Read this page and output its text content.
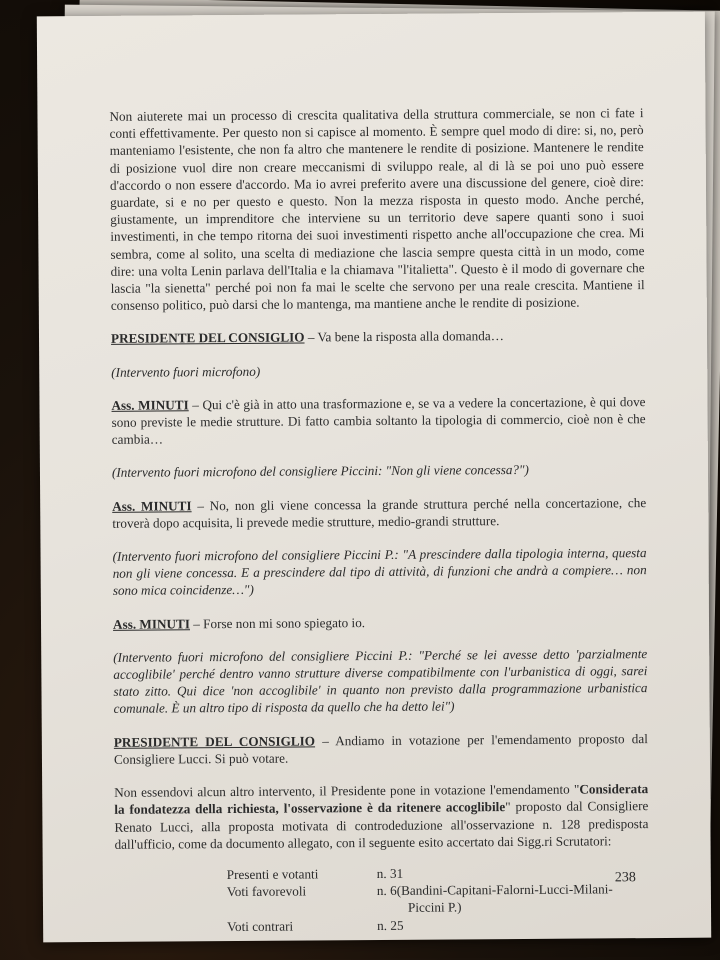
Non aiuterete mai un processo di crescita qualitativa della struttura commerciale, se non ci fate i conti effettivamente. Per questo non si capisce al momento. È sempre quel modo di dire: si, no, però manteniamo l'esistente, che non fa altro che mantenere le rendite di posizione. Mantenere le rendite di posizione vuol dire non creare meccanismi di sviluppo reale, al di là se poi uno può essere d'accordo o non essere d'accordo. Ma io avrei preferito avere una discussione del genere, cioè dire: guardate, si e no per questo e questo. Non la mezza risposta in questo modo. Anche perché, giustamente, un imprenditore che interviene su un territorio deve sapere quanti sono i suoi investimenti, in che tempo ritorna dei suoi investimenti rispetto anche all'occupazione che crea. Mi sembra, come al solito, una scelta di mediazione che lascia sempre questa città in un modo, come dire: una volta Lenin parlava dell'Italia e la chiamava "l'italietta". Questo è il modo di governare che lascia "la sienetta" perché poi non fa mai le scelte che servono per una reale crescita. Mantiene il consenso politico, può darsi che lo mantenga, ma mantiene anche le rendite di posizione.

PRESIDENTE DEL CONSIGLIO – Va bene la risposta alla domanda…

(Intervento fuori microfono)

Ass. MINUTI – Qui c'è già in atto una trasformazione e, se va a vedere la concertazione, è qui dove sono previste le medie strutture. Di fatto cambia soltanto la tipologia di commercio, cioè non è che cambia…

(Intervento fuori microfono del consigliere Piccini: "Non gli viene concessa?")

Ass. MINUTI – No, non gli viene concessa la grande struttura perché nella concertazione, che troverà dopo acquisita, li prevede medie strutture, medio-grandi strutture.

(Intervento fuori microfono del consigliere Piccini P.: "A prescindere dalla tipologia interna, questa non gli viene concessa. E a prescindere dal tipo di attività, di funzioni che andrà a compiere… non sono mica coincidenze…")

Ass. MINUTI – Forse non mi sono spiegato io.

(Intervento fuori microfono del consigliere Piccini P.: "Perché se lei avesse detto 'parzialmente accoglibile' perché dentro vanno strutture diverse compatibilmente con l'urbanistica di oggi, sarei stato zitto. Qui dice 'non accoglibile' in quanto non previsto dalla programmazione urbanistica comunale. È un altro tipo di risposta da quello che ha detto lei")

PRESIDENTE DEL CONSIGLIO – Andiamo in votazione per l'emendamento proposto dal Consigliere Lucci. Si può votare.

Non essendovi alcun altro intervento, il Presidente pone in votazione l'emendamento "Considerata la fondatezza della richiesta, l'osservazione è da ritenere accoglibile" proposto dal Consigliere Renato Lucci, alla proposta motivata di controdeduzione all'osservazione n. 128 predisposta dall'ufficio, come da documento allegato, con il seguente esito accertato dai Sigg.ri Scrutatori:

Presenti e votanti	n. 31
Voti favorevoli	n. 6(Bandini-Capitani-Falorni-Lucci-Milani-
Piccini P.)
Voti contrari	n. 25
238
